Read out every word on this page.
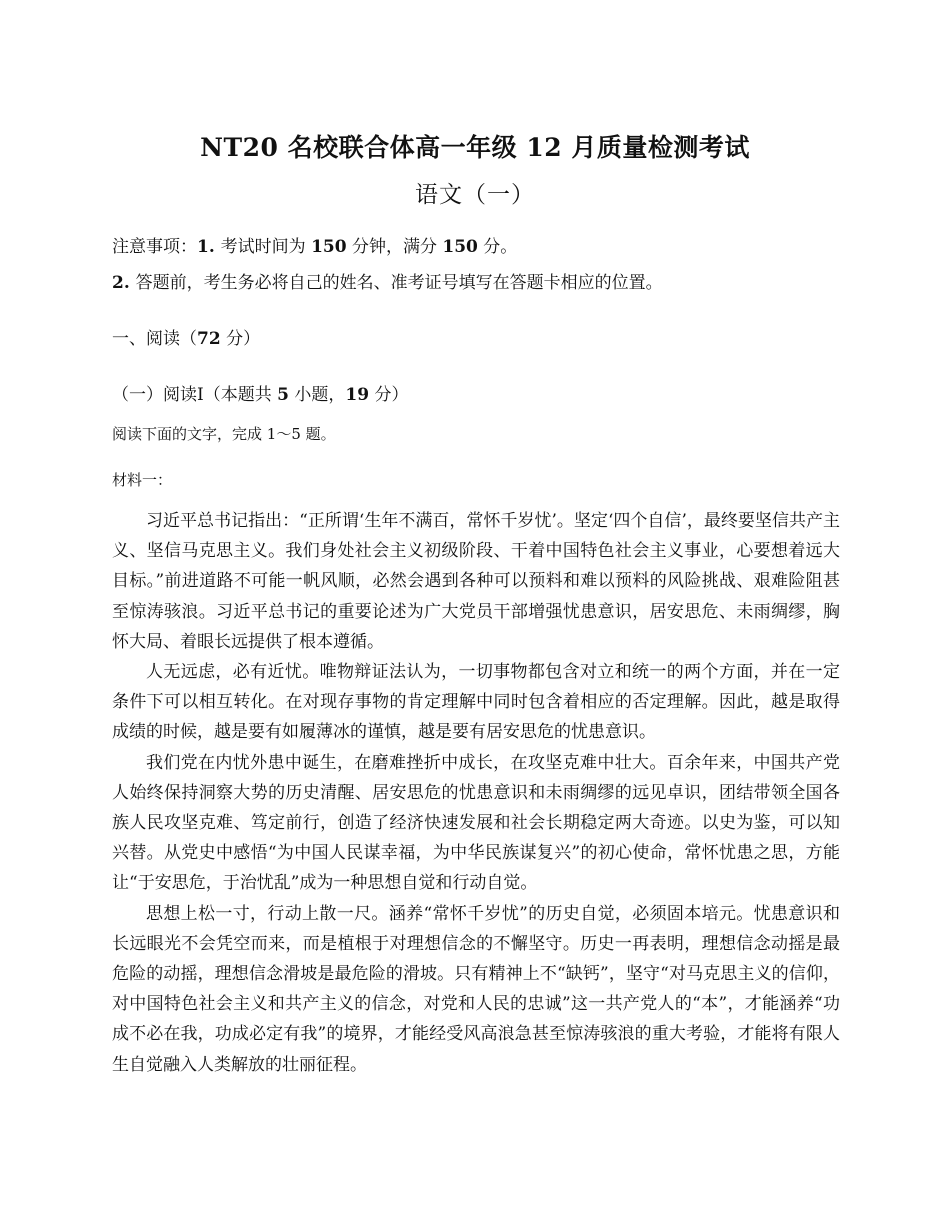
NT20 名校联合体高一年级 12 月质量检测考试
语文（一）
注意事项：1. 考试时间为 150 分钟，满分 150 分。
2. 答题前，考生务必将自己的姓名、准考证号填写在答题卡相应的位置。
一、阅读（72 分）
（一）阅读Ⅰ（本题共 5 小题，19 分）
阅读下面的文字，完成 1～5 题。
材料一：

习近平总书记指出：“正所谓‘生年不满百，常怀千岁忧’。坚定‘四个自信’，最终要坚信共产主义、坚信马克思主义。我们身处社会主义初级阶段、干着中国特色社会主义事业，心要想着远大目标。”前进道路不可能一帆风顺，必然会遇到各种可以预料和难以预料的风险挑战、艰难险阻甚至惊涛骇浪。习近平总书记的重要论述为广大党员干部增强忧患意识，居安思危、未雨绸缪，胸怀大局、着眼长远提供了根本遵循。

人无远虑，必有近忧。唯物辩证法认为，一切事物都包含对立和统一的两个方面，并在一定条件下可以相互转化。在对现存事物的肯定理解中同时包含着相应的否定理解。因此，越是取得成绩的时候，越是要有如履薄冰的谨慎，越是要有居安思危的忧患意识。

我们党在内忧外患中诞生，在磨难挫折中成长，在攻坚克难中壮大。百余年来，中国共产党人始终保持洞察大势的历史清醒、居安思危的忧患意识和未雨绸缪的远见卓识，团结带领全国各族人民攻坚克难、笃定前行，创造了经济快速发展和社会长期稳定两大奇迹。以史为鉴，可以知兴替。从党史中感悟“为中国人民谋幸福，为中华民族谋复兴”的初心使命，常怀忧患之思，方能让“于安思危，于治忧乱”成为一种思想自觉和行动自觉。

思想上松一寸，行动上散一尺。涵养“常怀千岁忧”的历史自觉，必须固本培元。忧患意识和长远眼光不会凭空而来，而是植根于对理想信念的不懈坚守。历史一再表明，理想信念动摇是最危险的动摇，理想信念滑坡是最危险的滑坡。只有精神上不“缺钙”，坚守“对马克思主义的信仰，对中国特色社会主义和共产主义的信念，对党和人民的忠诚”这一共产党人的“本”，才能涵养“功成不必在我，功成必定有我”的境界，才能经受风高浪急甚至惊涛骇浪的重大考验，才能将有限人生自觉融入人类解放的壮丽征程。
